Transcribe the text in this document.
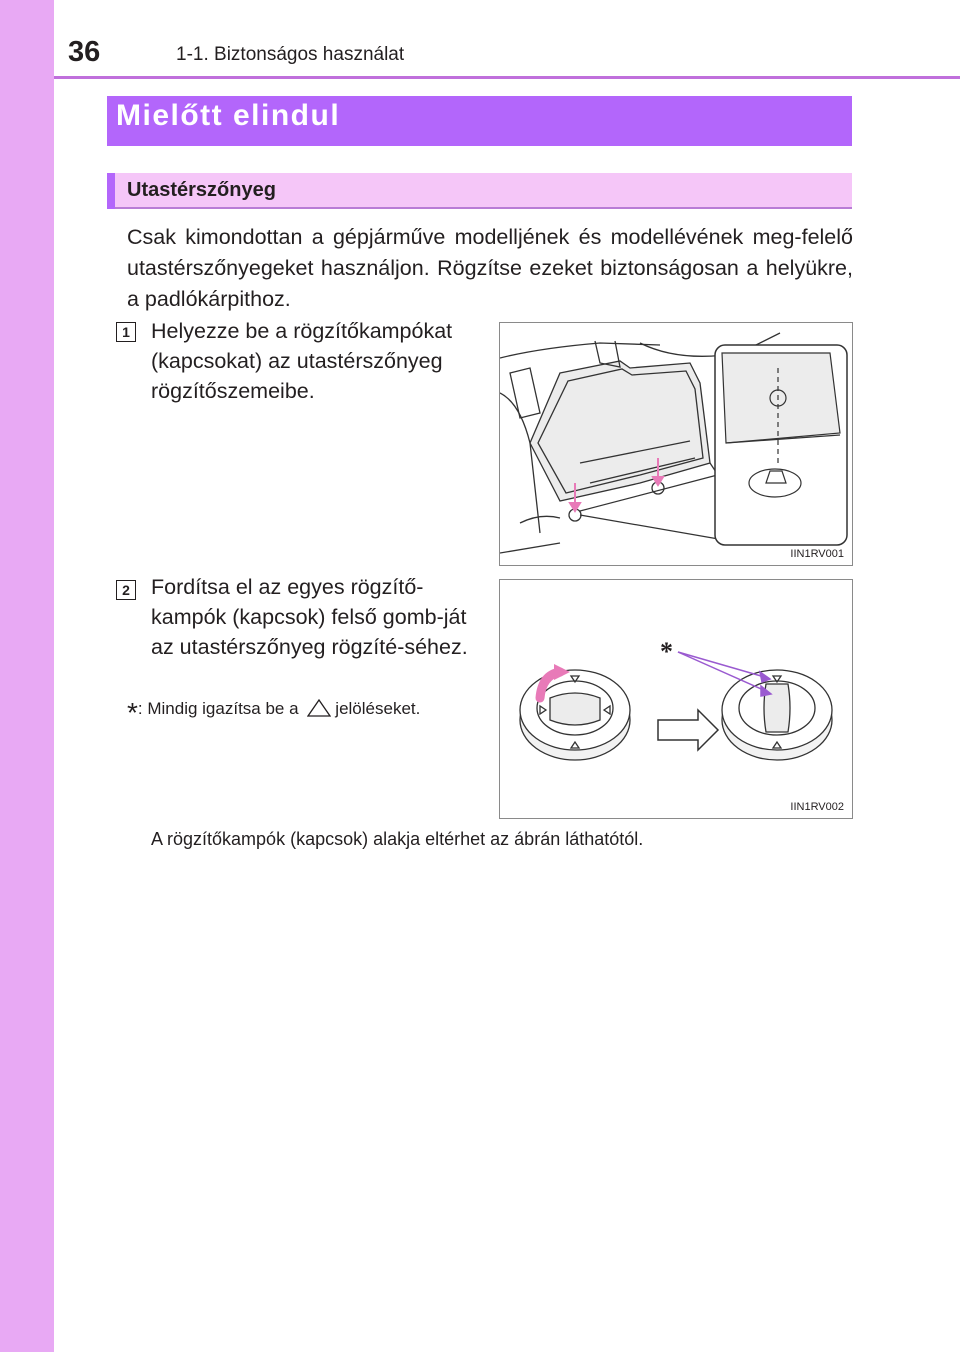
36	1-1. Biztonságos használat
Mielőtt elindul
Utastérszőnyeg
Csak kimondottan a gépjárműve modelljének és modellévének meg-felelő utastérszőnyegeket használjon. Rögzítse ezeket biztonságosan a helyükre, a padlókárpithoz.
1 Helyezze be a rögzítőkampókat (kapcsokat) az utastérszőnyeg rögzítőszemeibe.
IIN1RV001
2 Fordítsa el az egyes rögzítő-kampók (kapcsok) felső gomb-ját az utastérszőnyeg rögzíté-séhez.
*: Mindig igazítsa be a jelöléseket.
*
IIN1RV002
A rögzítőkampók (kapcsok) alakja eltérhet az ábrán láthatótól.
